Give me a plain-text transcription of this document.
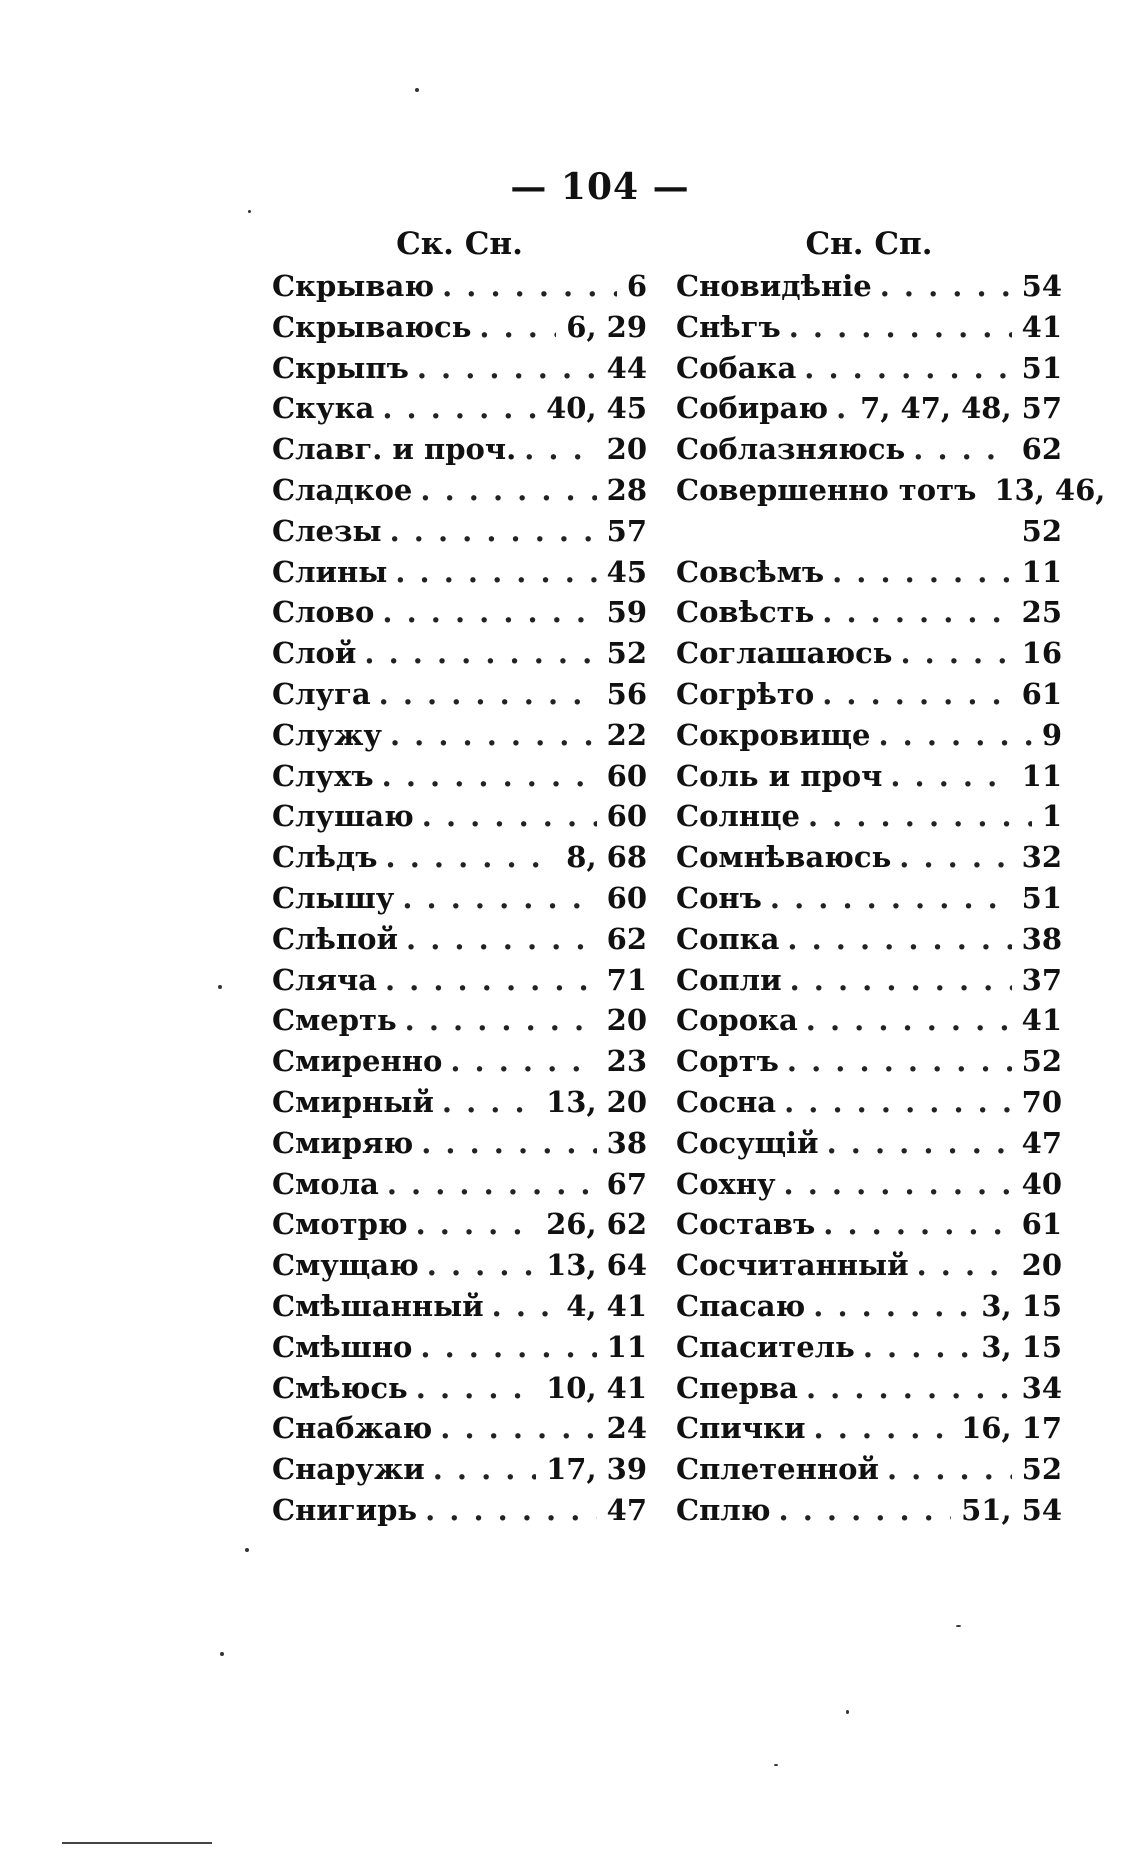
— 104 —
Ск. Сн.
Скрываю . . .	6
Скрываюсь . . .	6, 29
Скрыпъ . . .	44
Скука . . .	40, 45
Славг. и проч. . . .	20
Сладкое . . .	28
Слезы . . .	57
Слины . . .	45
Слово . . .	59
Слой . . .	52
Слуга . . .	56
Служу . . .	22
Слухъ . . .	60
Слушаю . . .	60
Слѣдъ . . .	8, 68
Слышу . . .	60
Слѣпой . . .	62
Сляча . . .	71
Смерть . . .	20
Смиренно . . .	23
Смирный . . .	13, 20
Смиряю . . .	38
Смола . . .	67
Смотрю . . .	26, 62
Смущаю . . .	13, 64
Смѣшанный . . .	4, 41
Смѣшно . . .	11
Смѣюсь . . .	10, 41
Снабжаю . . .	24
Снаружи . . .	17, 39
Снигирь . . .	47
Сн. Сп.
Сновидѣніе . . .	54
Снѣгъ . . .	41
Собака . . .	51
Собираю . . . 7, 47, 48, 57
Соблазняюсь . . .	62
Совершенно тотъ 13, 46,
52
Совсѣмъ . . .	11
Совѣсть . . .	25
Соглашаюсь . . .	16
Согрѣто . . .	61
Сокровище . . .	9
Соль и проч . . .	11
Солнце . . .	1
Сомнѣваюсь . . .	32
Сонъ . . .	51
Сопка . . .	38
Сопли . . .	37
Сорока . . .	41
Сортъ . . .	52
Сосна . . .	70
Сосущій . . .	47
Сохну . . .	40
Составъ . . .	61
Сосчитанный . . .	20
Спасаю . . .	3, 15
Спаситель . . .	3, 15
Сперва . . .	34
Спички . . .	16, 17
Сплетенной . . .	52
Сплю . . .	51, 54
